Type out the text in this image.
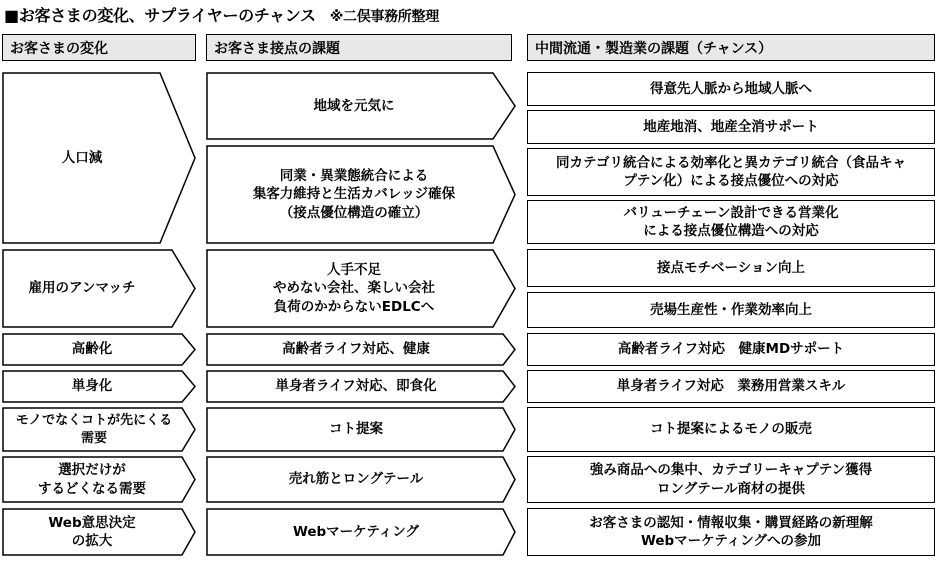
■お客さまの変化、サプライヤーのチャンス ※二俣事務所整理
お客さまの変化	お客さま接点の課題	中間流通・製造業の課題（チャンス）
人口減
雇用のアンマッチ
高齢化
単身化
モノでなくコトが先にくる
需要
選択だけが
するどくなる需要
Web意思決定
の拡大
地域を元気に
同業・異業態統合による
集客力維持と生活カバレッジ確保
（接点優位構造の確立）
人手不足
やめない会社、楽しい会社
負荷のかからないEDLCへ
高齢者ライフ対応、健康
単身者ライフ対応、即食化
コト提案
売れ筋とロングテール
Webマーケティング
得意先人脈から地域人脈へ
地産地消、地産全消サポート
同カテゴリ統合による効率化と異カテゴリ統合（食品キャ
プテン化）による接点優位への対応
バリューチェーン設計できる営業化
による接点優位構造への対応
接点モチベーション向上
売場生産性・作業効率向上
高齢者ライフ対応　健康MDサポート
単身者ライフ対応　業務用営業スキル
コト提案によるモノの販売
強み商品への集中、カテゴリーキャプテン獲得
ロングテール商材の提供
お客さまの認知・情報収集・購買経路の新理解
Webマーケティングへの参加
